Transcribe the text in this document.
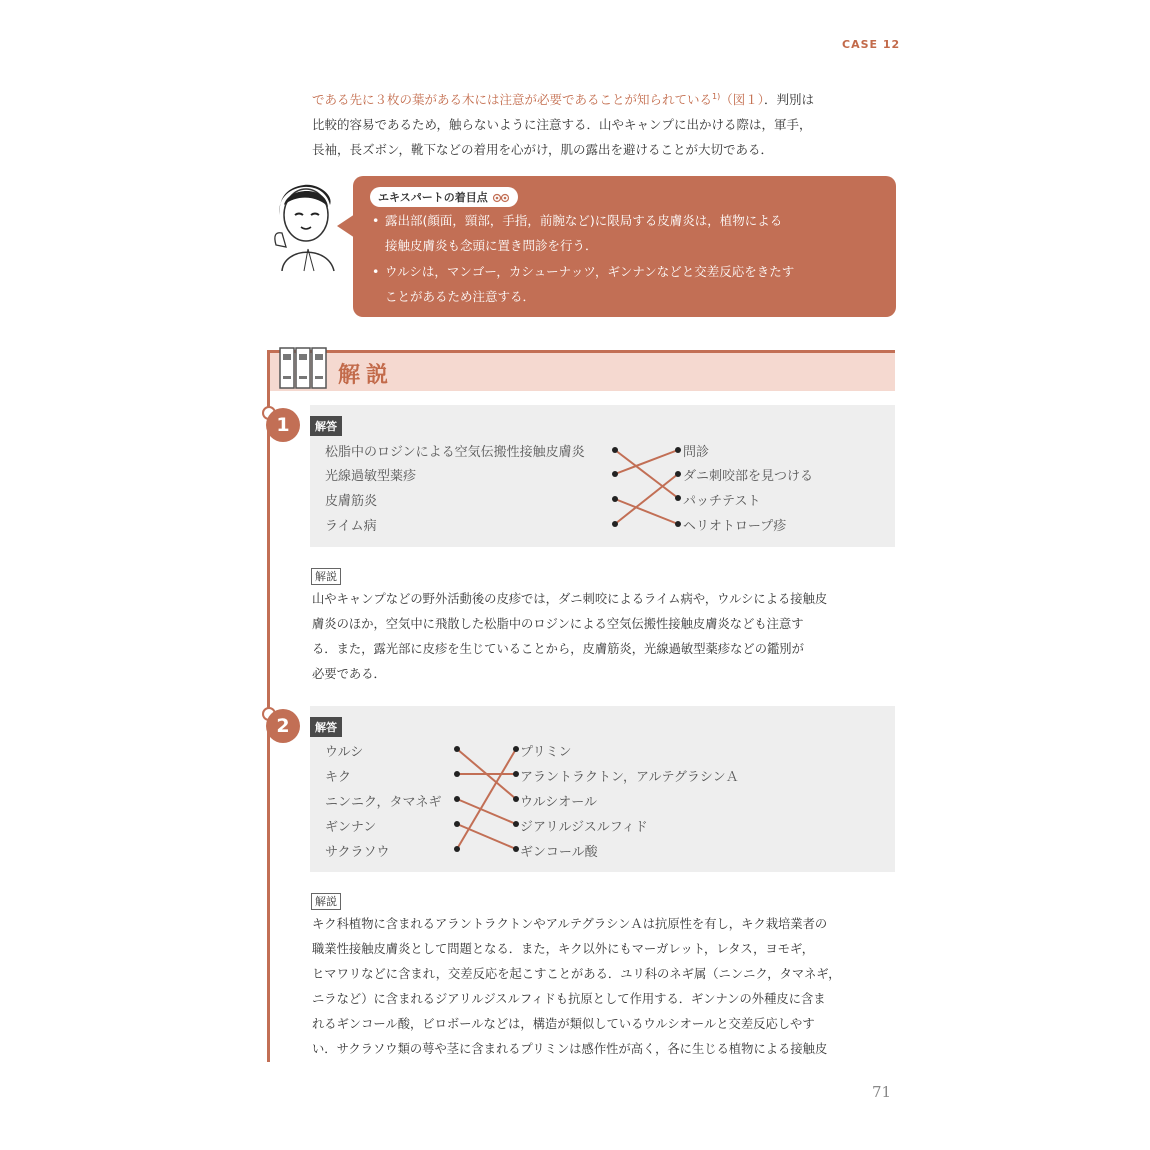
CASE 12
である先に３枚の葉がある木には注意が必要であることが知られている$^{1)}$（図１）．判別は
比較的容易であるため，触らないように注意する．山やキャンプに出かける際は，軍手，
長袖，長ズボン，靴下などの着用を心がけ，肌の露出を避けることが大切である．
エキスパートの着目点
• 露出部(顔面，頸部，手指，前腕など)に限局する皮膚炎は，植物による
接触皮膚炎も念頭に置き問診を行う．
• ウルシは，マンゴー，カシューナッツ，ギンナンなどと交差反応をきたす
ことがあるため注意する．
解説
1	解答
松脂中のロジンによる空気伝搬性接触皮膚炎
光線過敏型薬疹
皮膚筋炎
ライム病
問診
ダニ刺咬部を見つける
パッチテスト
ヘリオトロープ疹
解説
山やキャンプなどの野外活動後の皮疹では，ダニ刺咬によるライム病や，ウルシによる接触皮
膚炎のほか，空気中に飛散した松脂中のロジンによる空気伝搬性接触皮膚炎なども注意す
る．また，露光部に皮疹を生じていることから，皮膚筋炎，光線過敏型薬疹などの鑑別が
必要である．
2	解答
ウルシ
キク
ニンニク，タマネギ
ギンナン
サクラソウ
プリミン
アラントラクトン，アルテグラシンＡ
ウルシオール
ジアリルジスルフィド
ギンコール酸
解説
キク科植物に含まれるアラントラクトンやアルテグラシンＡは抗原性を有し，キク栽培業者の
職業性接触皮膚炎として問題となる．また，キク以外にもマーガレット，レタス，ヨモギ，
ヒマワリなどに含まれ，交差反応を起こすことがある．ユリ科のネギ属（ニンニク，タマネギ，
ニラなど）に含まれるジアリルジスルフィドも抗原として作用する．ギンナンの外種皮に含ま
れるギンコール酸，ビロボールなどは，構造が類似しているウルシオールと交差反応しやす
い．サクラソウ類の萼や茎に含まれるプリミンは感作性が高く，各に生じる植物による接触皮
71
